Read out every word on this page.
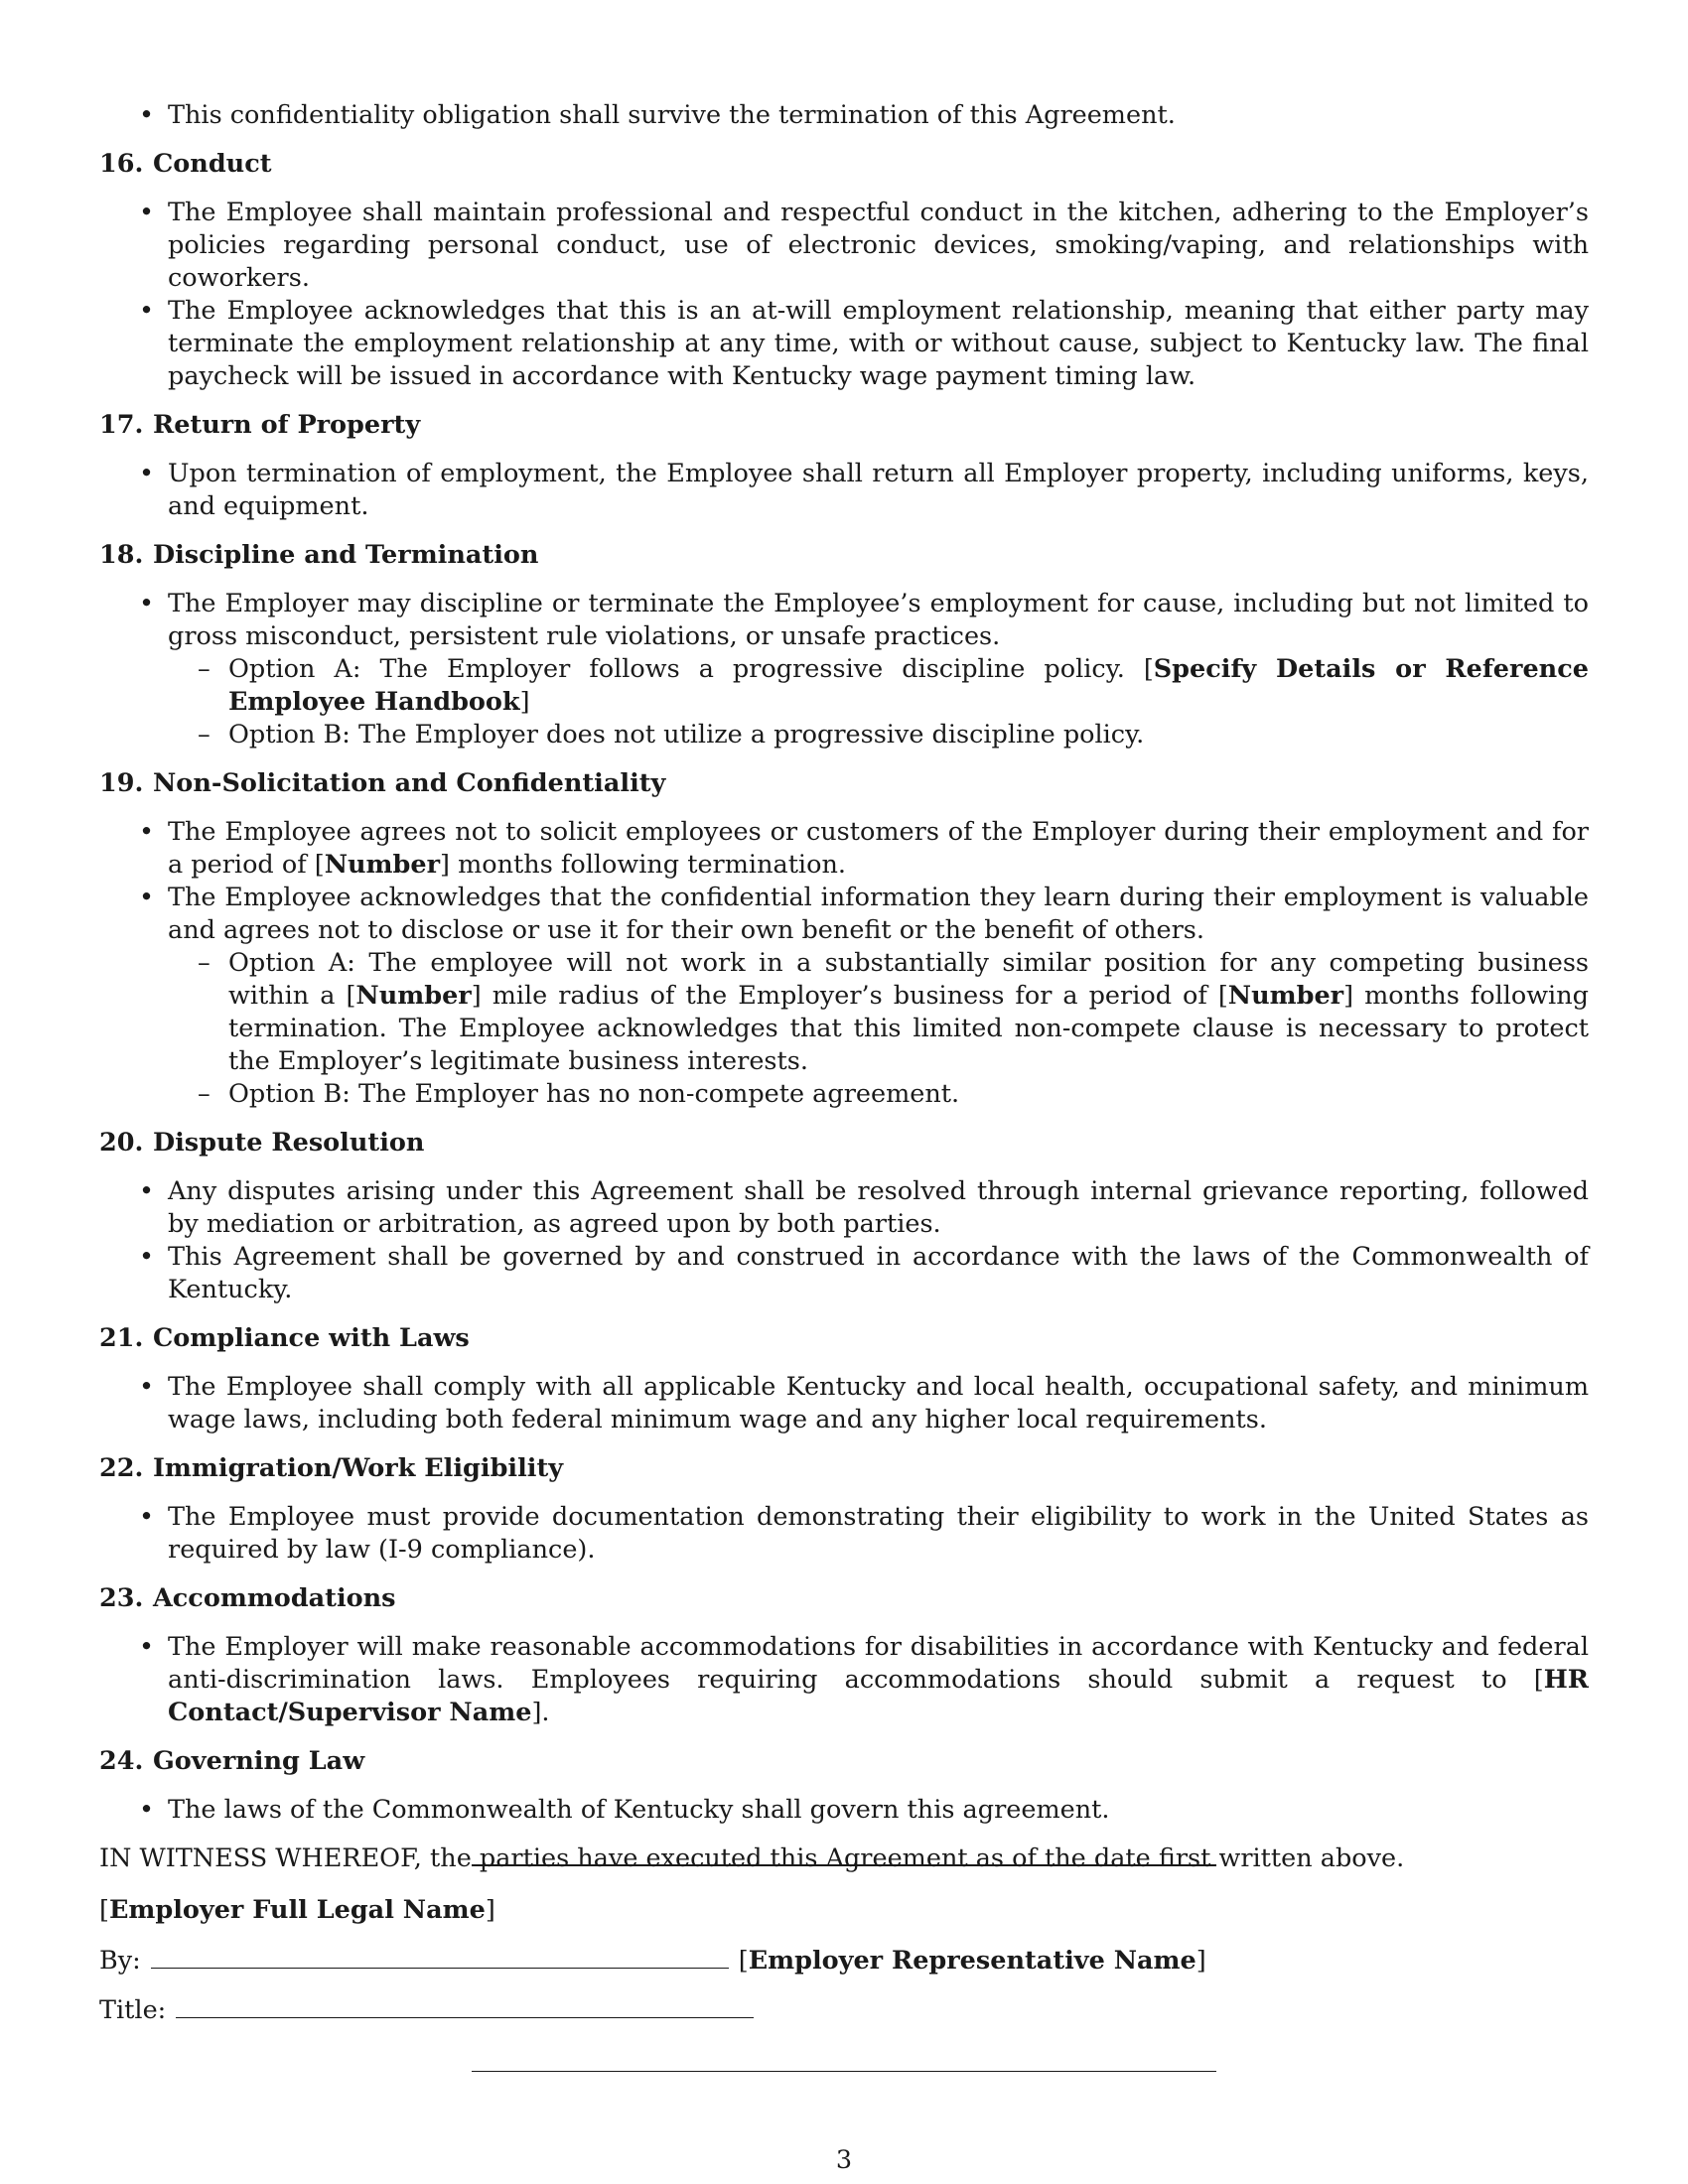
• This confidentiality obligation shall survive the termination of this Agreement.
16. Conduct
• The Employee shall maintain professional and respectful conduct in the kitchen, adhering to the Employer’s policies regarding personal conduct, use of electronic devices, smoking/vaping, and relationships with coworkers.
• The Employee acknowledges that this is an at-will employment relationship, meaning that either party may terminate the employment relationship at any time, with or without cause, subject to Kentucky law. The final paycheck will be issued in accordance with Kentucky wage payment timing law.
17. Return of Property
• Upon termination of employment, the Employee shall return all Employer property, including uniforms, keys, and equipment.
18. Discipline and Termination
• The Employer may discipline or terminate the Employee’s employment for cause, including but not limited to gross misconduct, persistent rule violations, or unsafe practices.
– Option A: The Employer follows a progressive discipline policy. [Specify Details or Reference Employee Handbook]
– Option B: The Employer does not utilize a progressive discipline policy.
19. Non-Solicitation and Confidentiality
• The Employee agrees not to solicit employees or customers of the Employer during their employment and for a period of [Number] months following termination.
• The Employee acknowledges that the confidential information they learn during their employment is valuable and agrees not to disclose or use it for their own benefit or the benefit of others.
– Option A: The employee will not work in a substantially similar position for any competing business within a [Number] mile radius of the Employer’s business for a period of [Number] months following termination. The Employee acknowledges that this limited non-compete clause is necessary to protect the Employer’s legitimate business interests.
– Option B: The Employer has no non-compete agreement.
20. Dispute Resolution
• Any disputes arising under this Agreement shall be resolved through internal grievance reporting, followed by mediation or arbitration, as agreed upon by both parties.
• This Agreement shall be governed by and construed in accordance with the laws of the Commonwealth of Kentucky.
21. Compliance with Laws
• The Employee shall comply with all applicable Kentucky and local health, occupational safety, and minimum wage laws, including both federal minimum wage and any higher local requirements.
22. Immigration/Work Eligibility
• The Employee must provide documentation demonstrating their eligibility to work in the United States as required by law (I-9 compliance).
23. Accommodations
• The Employer will make reasonable accommodations for disabilities in accordance with Kentucky and federal anti-discrimination laws. Employees requiring accommodations should submit a request to [HR Contact/Supervisor Name].
24. Governing Law
• The laws of the Commonwealth of Kentucky shall govern this agreement.
IN WITNESS WHEREOF, the parties have executed this Agreement as of the date first written above.
[Employer Full Legal Name]
By:	[Employer Representative Name]
Title:
3
